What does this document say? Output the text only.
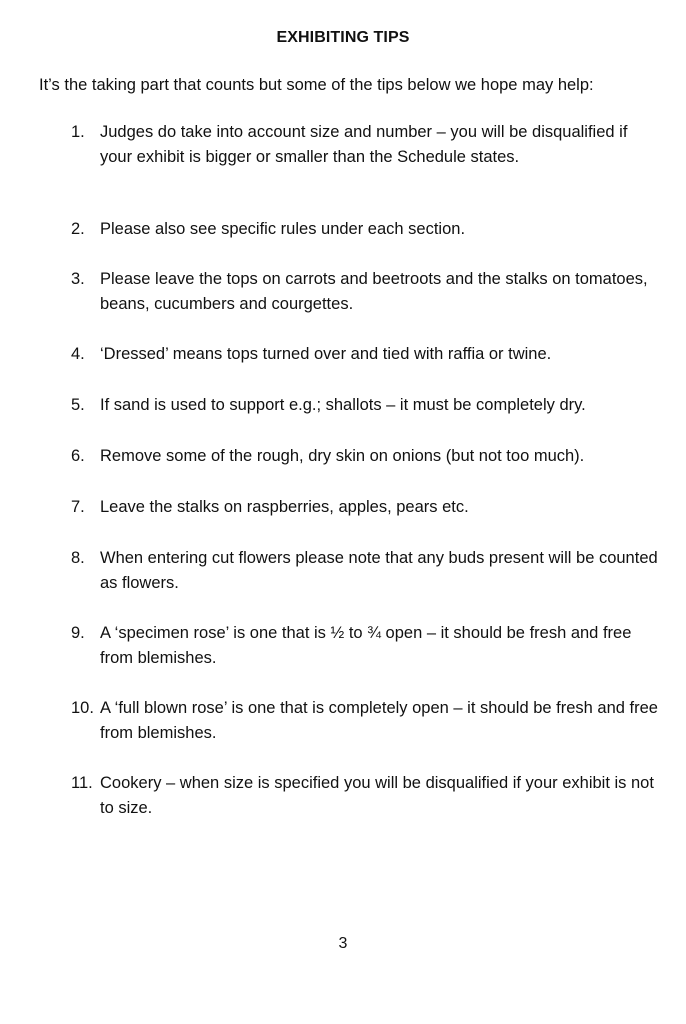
EXHIBITING TIPS
It’s the taking part that counts but some of the tips below we hope may help:
1. Judges do take into account size and number – you will be disqualified if your exhibit is bigger or smaller than the Schedule states.
2. Please also see specific rules under each section.
3. Please leave the tops on carrots and beetroots and the stalks on tomatoes, beans, cucumbers and courgettes.
4. ‘Dressed’ means tops turned over and tied with raffia or twine.
5. If sand is used to support e.g.; shallots – it must be completely dry.
6. Remove some of the rough, dry skin on onions (but not too much).
7. Leave the stalks on raspberries, apples, pears etc.
8. When entering cut flowers please note that any buds present will be counted as flowers.
9. A ‘specimen rose’ is one that is ½ to ¾ open – it should be fresh and free from blemishes.
10. A ‘full blown rose’ is one that is completely open – it should be fresh and free from blemishes.
11. Cookery – when size is specified you will be disqualified if your exhibit is not to size.
3
